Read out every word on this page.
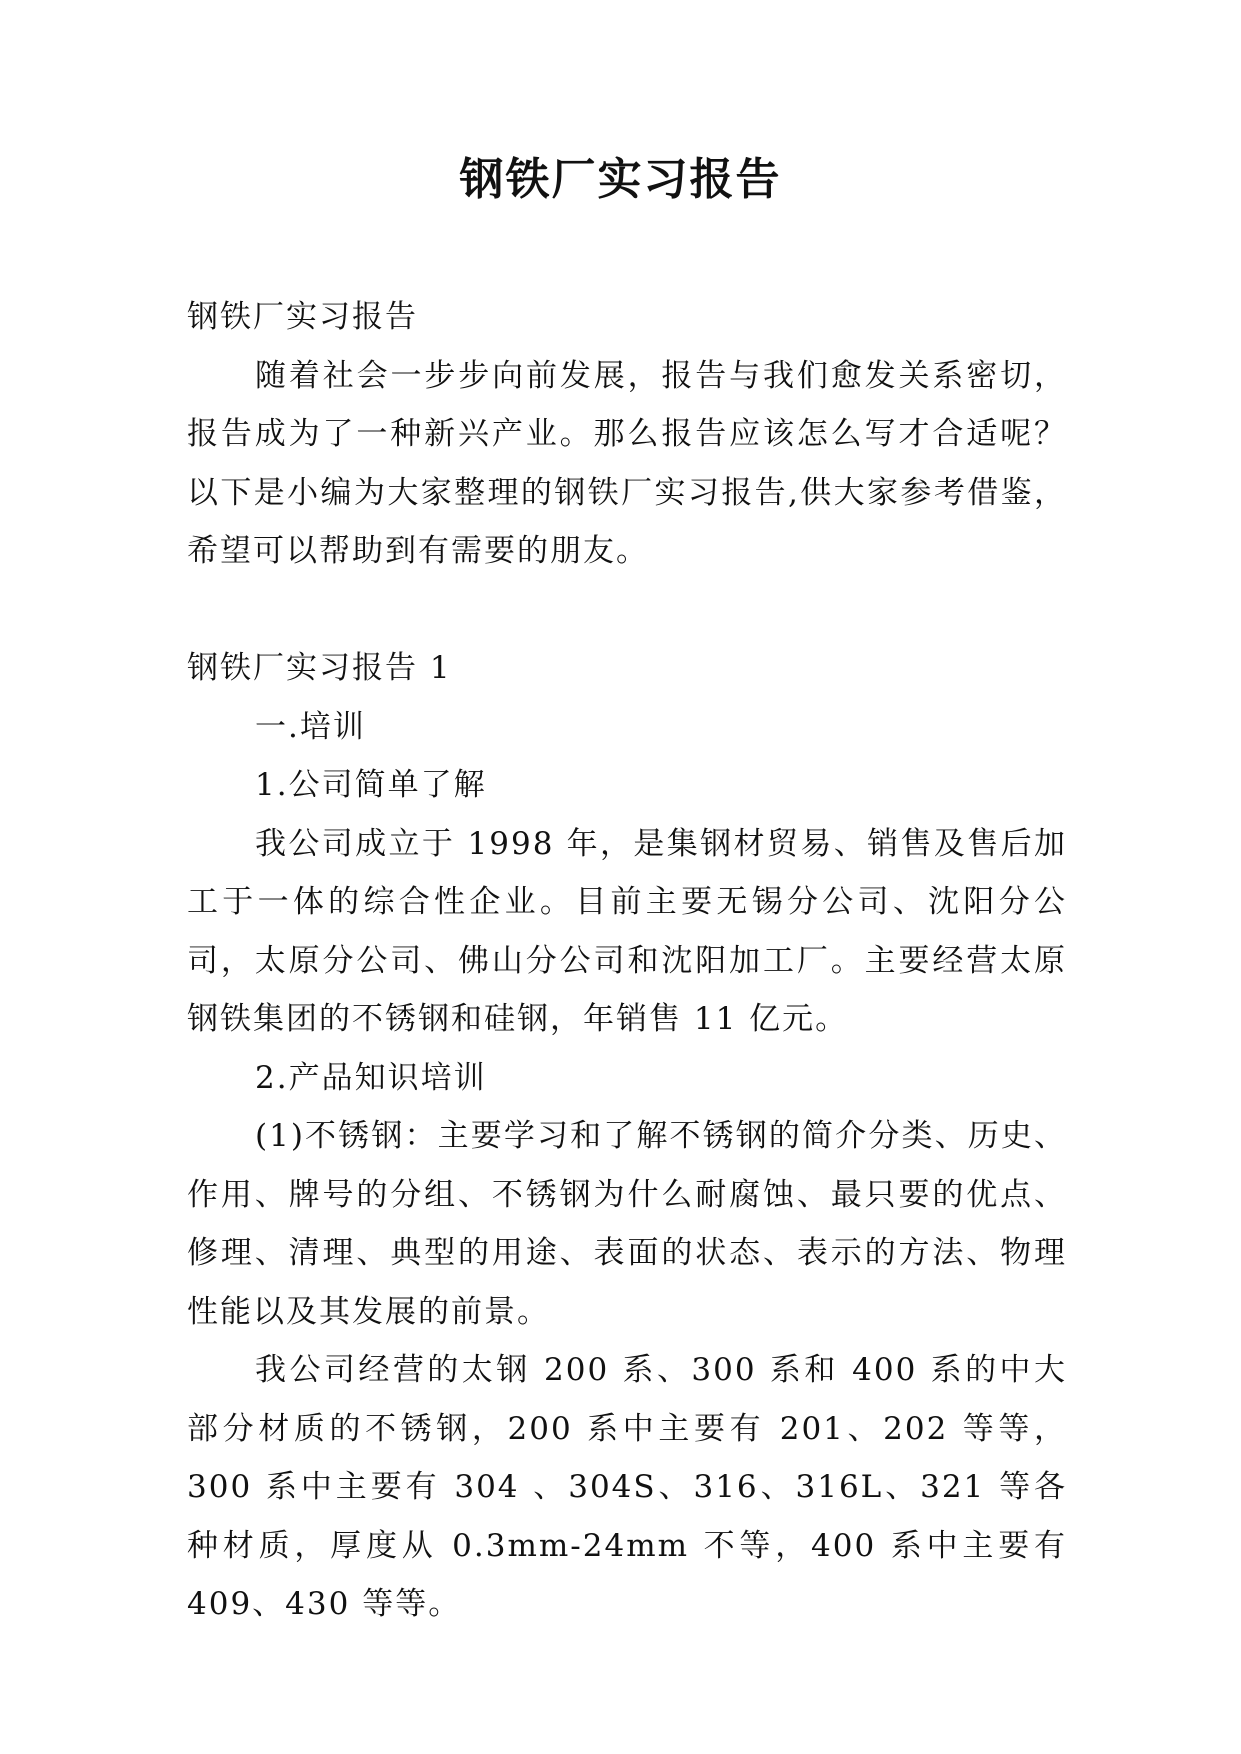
钢铁厂实习报告

钢铁厂实习报告

随着社会一步步向前发展，报告与我们愈发关系密切，报告成为了一种新兴产业。那么报告应该怎么写才合适呢？以下是小编为大家整理的钢铁厂实习报告,供大家参考借鉴，希望可以帮助到有需要的朋友。

钢铁厂实习报告 1

一.培训

1.公司简单了解

我公司成立于 1998 年，是集钢材贸易、销售及售后加工于一体的综合性企业。目前主要无锡分公司、沈阳分公司，太原分公司、佛山分公司和沈阳加工厂。主要经营太原钢铁集团的不锈钢和硅钢，年销售 11 亿元。

2.产品知识培训

(1)不锈钢：主要学习和了解不锈钢的简介分类、历史、作用、牌号的分组、不锈钢为什么耐腐蚀、最只要的优点、修理、清理、典型的用途、表面的状态、表示的方法、物理性能以及其发展的前景。

我公司经营的太钢 200 系、300 系和 400 系的中大部分材质的不锈钢，200 系中主要有 201、202 等等，300 系中主要有 304 、304S、316、316L、321 等各种材质，厚度从 0.3mm-24mm 不等，400 系中主要有 409、430 等等。
